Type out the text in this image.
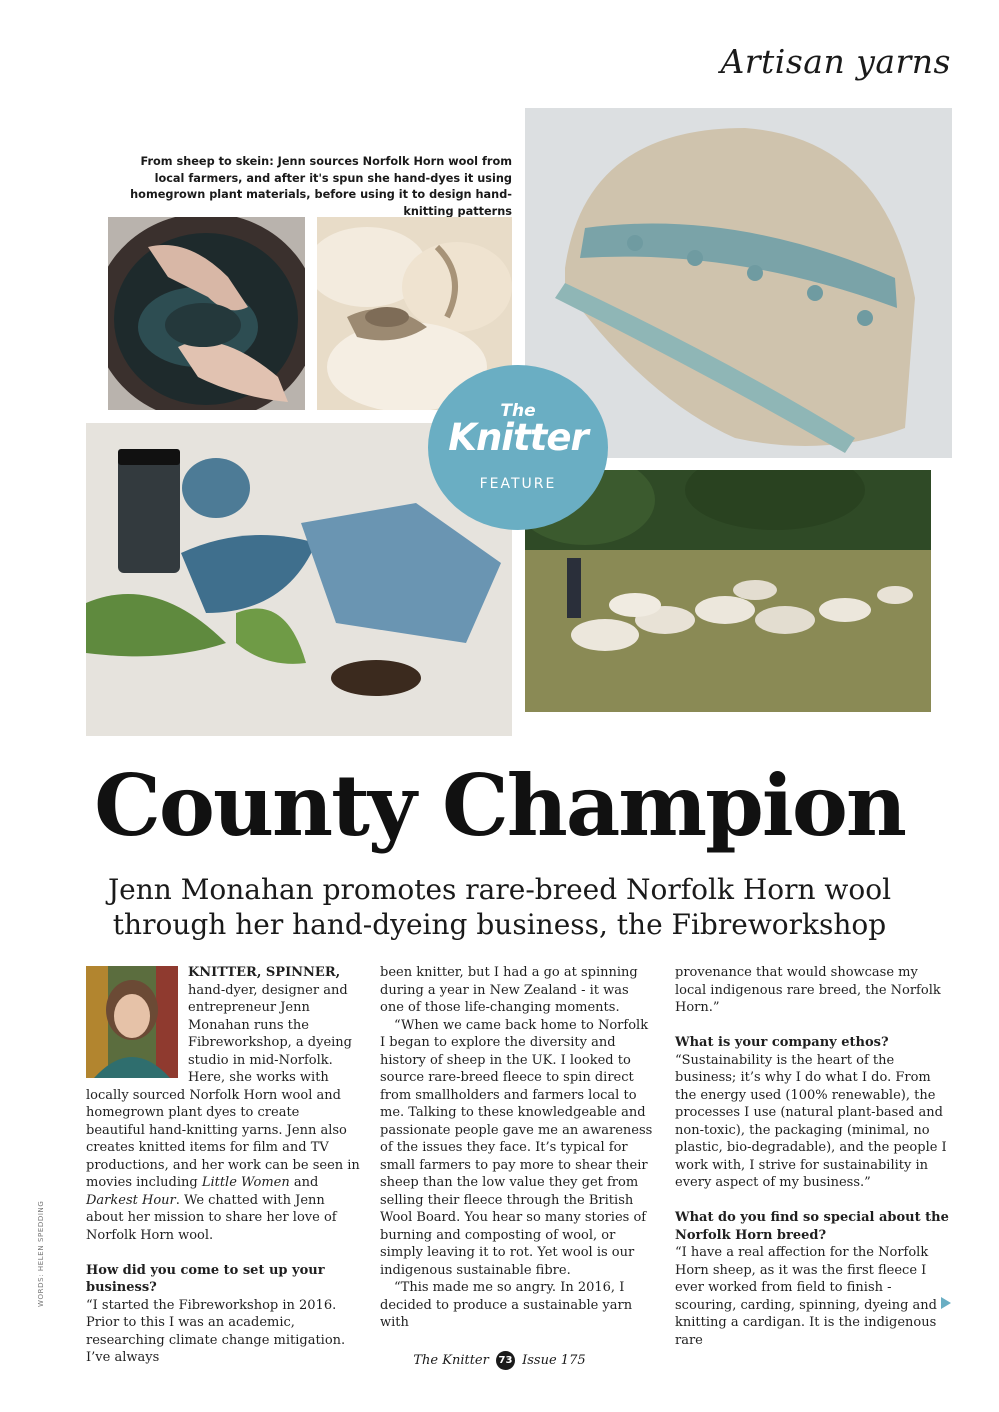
Artisan yarns
From sheep to skein: Jenn sources Norfolk Horn wool from local farmers, and after it's spun she hand-dyes it using homegrown plant materials, before using it to design hand-knitting patterns
The
Knitter
FEATURE
County Champion
Jenn Monahan promotes rare-breed Norfolk Horn wool through her hand-dyeing business, the Fibreworkshop

KNITTER, SPINNER, hand-dyer, designer and entrepreneur Jenn Monahan runs the Fibreworkshop, a dyeing studio in mid-Norfolk. Here, she works with locally sourced Norfolk Horn wool and homegrown plant dyes to create beautiful hand-knitting yarns. Jenn also creates knitted items for film and TV productions, and her work can be seen in movies including Little Women and Darkest Hour. We chatted with Jenn about her mission to share her love of Norfolk Horn wool.

How did you come to set up your business?

“I started the Fibreworkshop in 2016. Prior to this I was an academic, researching climate change mitigation. I’ve always

been knitter, but I had a go at spinning during a year in New Zealand - it was one of those life-changing moments.

“When we came back home to Norfolk I began to explore the diversity and history of sheep in the UK. I looked to source rare-breed fleece to spin direct from smallholders and farmers local to me. Talking to these knowledgeable and passionate people gave me an awareness of the issues they face. It’s typical for small farmers to pay more to shear their sheep than the low value they get from selling their fleece through the British Wool Board. You hear so many stories of burning and composting of wool, or simply leaving it to rot. Yet wool is our indigenous sustainable fibre.

“This made me so angry. In 2016, I decided to produce a sustainable yarn with

provenance that would showcase my local indigenous rare breed, the Norfolk Horn.”

What is your company ethos?

“Sustainability is the heart of the business; it’s why I do what I do. From the energy used (100% renewable), the processes I use (natural plant-based and non-toxic), the packaging (minimal, no plastic, bio-degradable), and the people I work with, I strive for sustainability in every aspect of my business.”

What do you find so special about the Norfolk Horn breed?

“I have a real affection for the Norfolk Horn sheep, as it was the first fleece I ever worked from field to finish - scouring, carding, spinning, dyeing and knitting a cardigan. It is the indigenous rare

WORDS: HELEN SPEDDING
The Knitter 73 Issue 175
